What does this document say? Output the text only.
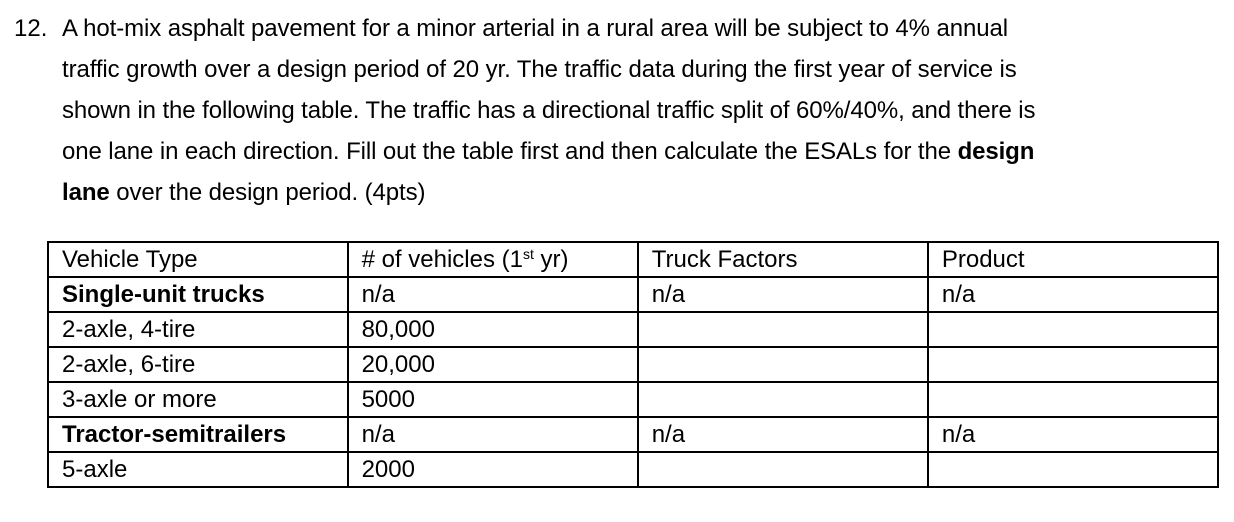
12. A hot-mix asphalt pavement for a minor arterial in a rural area will be subject to 4% annual
traffic growth over a design period of 20 yr. The traffic data during the first year of service is
shown in the following table. The traffic has a directional traffic split of 60%/40%, and there is
one lane in each direction. Fill out the table first and then calculate the ESALs for the design
lane over the design period. (4pts)
Vehicle Type	# of vehicles (1st yr)	Truck Factors	Product
Single-unit trucks	n/a	n/a	n/a
2-axle, 4-tire	80,000		
2-axle, 6-tire	20,000		
3-axle or more	5000		
Tractor-semitrailers	n/a	n/a	n/a
5-axle	2000		
